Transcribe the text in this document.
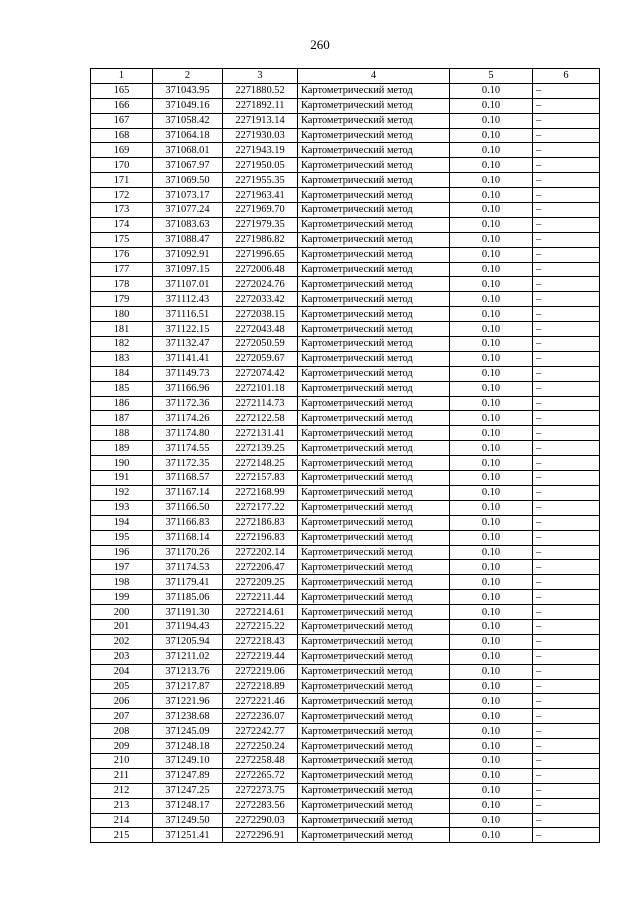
260
1	2	3	4	5	6
165	371043.95	2271880.52	Картометрический метод	0.10	–
166	371049.16	2271892.11	Картометрический метод	0.10	–
167	371058.42	2271913.14	Картометрический метод	0.10	–
168	371064.18	2271930.03	Картометрический метод	0.10	–
169	371068.01	2271943.19	Картометрический метод	0.10	–
170	371067.97	2271950.05	Картометрический метод	0.10	–
171	371069.50	2271955.35	Картометрический метод	0.10	–
172	371073.17	2271963.41	Картометрический метод	0.10	–
173	371077.24	2271969.70	Картометрический метод	0.10	–
174	371083.63	2271979.35	Картометрический метод	0.10	–
175	371088.47	2271986.82	Картометрический метод	0.10	–
176	371092.91	2271996.65	Картометрический метод	0.10	–
177	371097.15	2272006.48	Картометрический метод	0.10	–
178	371107.01	2272024.76	Картометрический метод	0.10	–
179	371112.43	2272033.42	Картометрический метод	0.10	–
180	371116.51	2272038.15	Картометрический метод	0.10	–
181	371122.15	2272043.48	Картометрический метод	0.10	–
182	371132.47	2272050.59	Картометрический метод	0.10	–
183	371141.41	2272059.67	Картометрический метод	0.10	–
184	371149.73	2272074.42	Картометрический метод	0.10	–
185	371166.96	2272101.18	Картометрический метод	0.10	–
186	371172.36	2272114.73	Картометрический метод	0.10	–
187	371174.26	2272122.58	Картометрический метод	0.10	–
188	371174.80	2272131.41	Картометрический метод	0.10	–
189	371174.55	2272139.25	Картометрический метод	0.10	–
190	371172.35	2272148.25	Картометрический метод	0.10	–
191	371168.57	2272157.83	Картометрический метод	0.10	–
192	371167.14	2272168.99	Картометрический метод	0.10	–
193	371166.50	2272177.22	Картометрический метод	0.10	–
194	371166.83	2272186.83	Картометрический метод	0.10	–
195	371168.14	2272196.83	Картометрический метод	0.10	–
196	371170.26	2272202.14	Картометрический метод	0.10	–
197	371174.53	2272206.47	Картометрический метод	0.10	–
198	371179.41	2272209.25	Картометрический метод	0.10	–
199	371185.06	2272211.44	Картометрический метод	0.10	–
200	371191.30	2272214.61	Картометрический метод	0.10	–
201	371194.43	2272215.22	Картометрический метод	0.10	–
202	371205.94	2272218.43	Картометрический метод	0.10	–
203	371211.02	2272219.44	Картометрический метод	0.10	–
204	371213.76	2272219.06	Картометрический метод	0.10	–
205	371217.87	2272218.89	Картометрический метод	0.10	–
206	371221.96	2272221.46	Картометрический метод	0.10	–
207	371238.68	2272236.07	Картометрический метод	0.10	–
208	371245.09	2272242.77	Картометрический метод	0.10	–
209	371248.18	2272250.24	Картометрический метод	0.10	–
210	371249.10	2272258.48	Картометрический метод	0.10	–
211	371247.89	2272265.72	Картометрический метод	0.10	–
212	371247.25	2272273.75	Картометрический метод	0.10	–
213	371248.17	2272283.56	Картометрический метод	0.10	–
214	371249.50	2272290.03	Картометрический метод	0.10	–
215	371251.41	2272296.91	Картометрический метод	0.10	–
